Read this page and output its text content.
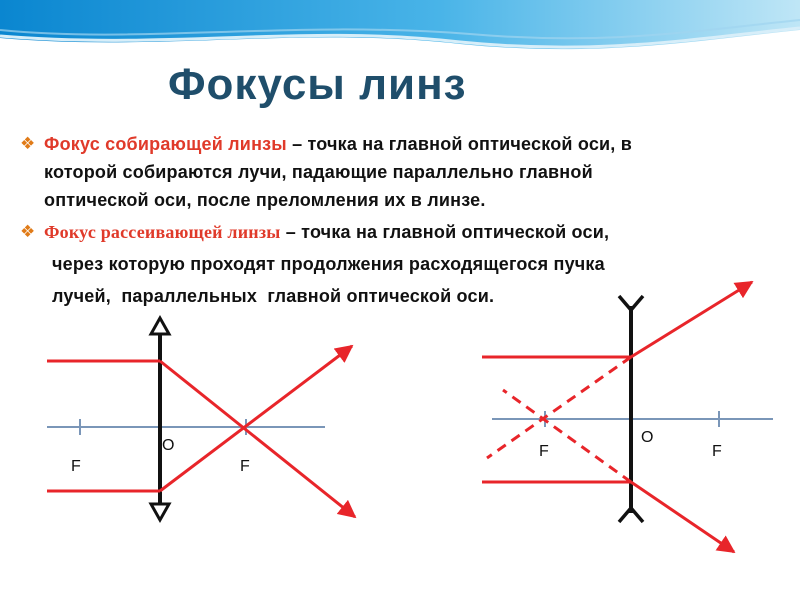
O
F	F
O
F	F
Фокусы линз
❖ Фокус собирающей линзы – точка на главной оптической оси, в
которой собираются лучи, падающие параллельно главной
оптической оси, после преломления их в линзе.
❖ Фокус рассеивающей линзы – точка на главной оптической оси,
через которую проходят продолжения расходящегося пучка
лучей,  параллельных  главной оптической оси.
